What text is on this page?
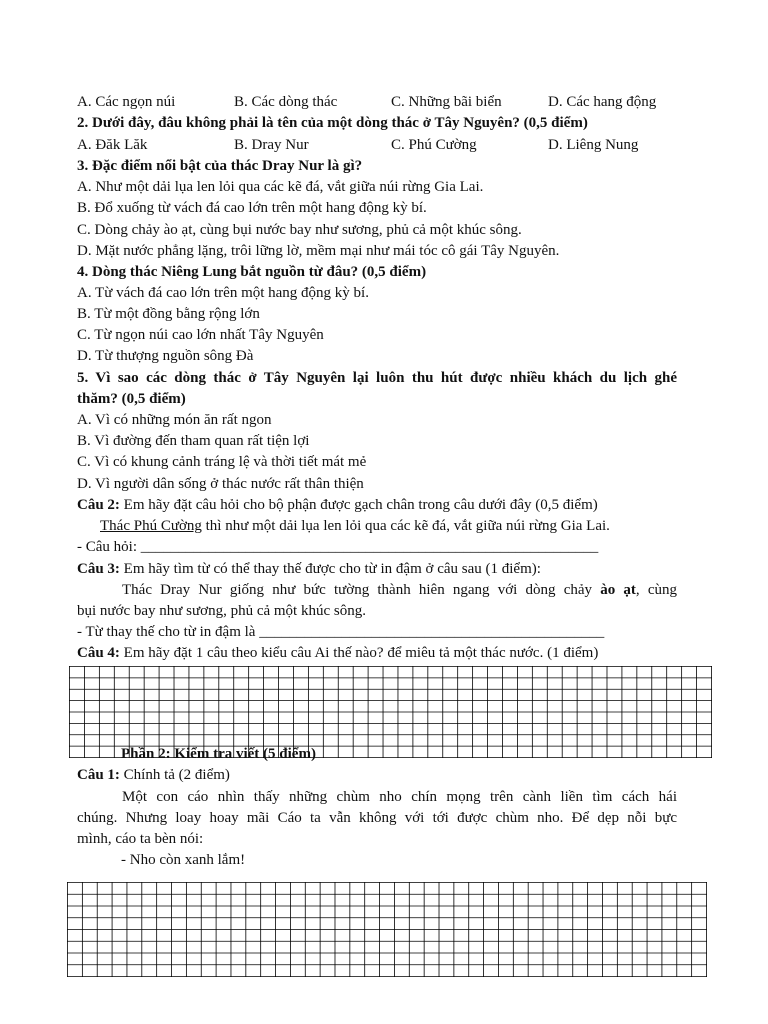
A. Các ngọn núi	B. Các dòng thác	C. Những bãi biển	D. Các hang động
2. Dưới đây, đâu không phải là tên của một dòng thác ở Tây Nguyên? (0,5 điểm)
A. Đăk Lăk	B. Dray Nur	C. Phú Cường	D. Liêng Nung
3. Đặc điểm nổi bật của thác Dray Nur là gì?
A. Như một dải lụa len lỏi qua các kẽ đá, vắt giữa núi rừng Gia Lai.
B. Đổ xuống từ vách đá cao lớn trên một hang động kỳ bí.
C. Dòng chảy ào ạt, cùng bụi nước bay như sương, phủ cả một khúc sông.
D. Mặt nước phẳng lặng, trôi lững lờ, mềm mại như mái tóc cô gái Tây Nguyên.
4. Dòng thác Niêng Lung bắt nguồn từ đâu? (0,5 điểm)
A. Từ vách đá cao lớn trên một hang động kỳ bí.
B. Từ một đồng bằng rộng lớn
C. Từ ngọn núi cao lớn nhất Tây Nguyên
D. Từ thượng nguồn sông Đà
5. Vì sao các dòng thác ở Tây Nguyên lại luôn thu hút được nhiều khách du lịch ghé
thăm? (0,5 điểm)
A. Vì có những món ăn rất ngon
B. Vì đường đến tham quan rất tiện lợi
C. Vì có khung cảnh tráng lệ và thời tiết mát mẻ
D. Vì người dân sống ở thác nước rất thân thiện
Câu 2: Em hãy đặt câu hỏi cho bộ phận được gạch chân trong câu dưới đây (0,5 điểm)
Thác Phú Cường thì như một dải lụa len lỏi qua các kẽ đá, vắt giữa núi rừng Gia Lai.
- Câu hỏi: _____________________________________________________________
Câu 3: Em hãy tìm từ có thể thay thế được cho từ in đậm ở câu sau (1 điểm):
Thác Dray Nur giống như bức tường thành hiên ngang với dòng chảy ào ạt, cùng
bụi nước bay như sương, phủ cả một khúc sông.
- Từ thay thế cho từ in đậm là ______________________________________________
Câu 4: Em hãy đặt 1 câu theo kiểu câu Ai thế nào? để miêu tả một thác nước. (1 điểm)
Phần 2: Kiểm tra viết (5 điểm)
Câu 1: Chính tả (2 điểm)
Một con cáo nhìn thấy những chùm nho chín mọng trên cành liền tìm cách hái
chúng. Nhưng loay hoay mãi Cáo ta vẫn không với tới được chùm nho. Để dẹp nỗi bực
mình, cáo ta bèn nói:
- Nho còn xanh lắm!
